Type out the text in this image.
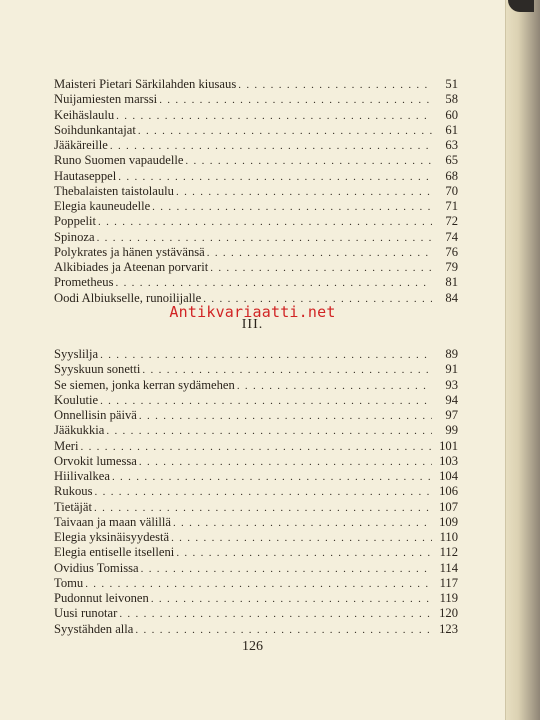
Maisteri Pietari Särkilahden kiusaus . . .	51
Nuijamiesten marssi . . .	58
Keihäslaulu . . .	60
Soihdunkantajat . . .	61
Jääkäreille . . .	63
Runo Suomen vapaudelle . . .	65
Hautaseppel . . .	68
Thebalaisten taistolaulu . . .	70
Elegia kauneudelle . . .	71
Poppelit . . .	72
Spinoza . . .	74
Polykrates ja hänen ystävänsä . . .	76
Alkibiades ja Ateenan porvarit . . .	79
Prometheus . . .	81
Oodi Albiukselle, runoilijalle . . .	84
Antikvariaatti.net
III.
Syyslilja . . .	89
Syyskuun sonetti . . .	91
Se siemen, jonka kerran sydämehen . . .	93
Koulutie . . .	94
Onnellisin päivä . . .	97
Jääkukkia . . .	99
Meri . . .	101
Orvokit lumessa . . .	103
Hiilivalkea . . .	104
Rukous . . .	106
Tietäjät . . .	107
Taivaan ja maan välillä . . .	109
Elegia yksinäisyydestä . . .	110
Elegia entiselle itselleni . . .	112
Ovidius Tomissa . . .	114
Tomu . . .	117
Pudonnut leivonen . . .	119
Uusi runotar . . .	120
Syystähden alla . . .	123
126
